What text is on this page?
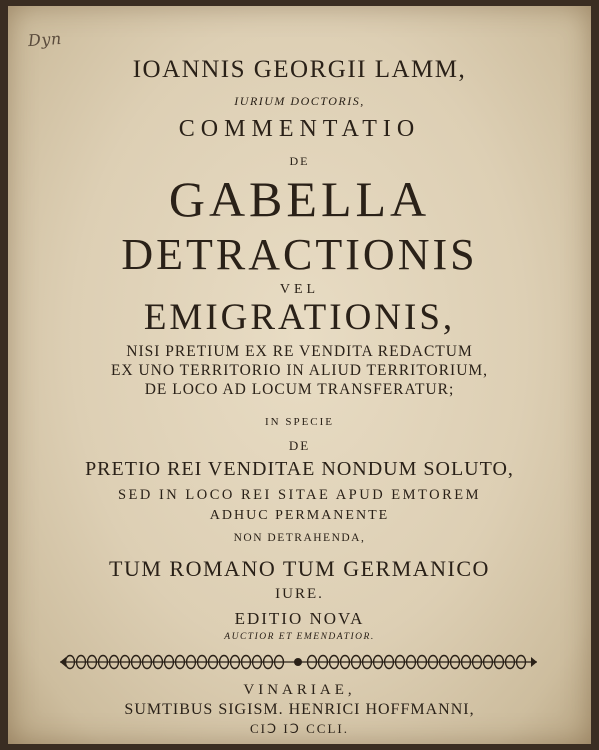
Dyn
IOANNIS GEORGII LAMM,
IURIUM DOCTORIS,
COMMENTATIO
DE
GABELLA
DETRACTIONIS
VEL
EMIGRATIONIS,
NISI PRETIUM EX RE VENDITA REDACTUM
EX UNO TERRITORIO IN ALIUD TERRITORIUM,
DE LOCO AD LOCUM TRANSFERATUR;
IN SPECIE
DE
PRETIO REI VENDITAE NONDUM SOLUTO,
SED IN LOCO REI SITAE APUD EMTOREM
ADHUC PERMANENTE
NON DETRAHENDA,
TUM ROMANO TUM GERMANICO
IURE.
EDITIO NOVA
AUCTIOR ET EMENDATIOR.
VINARIAE,
SUMTIBUS SIGISM. HENRICI HOFFMANNI,
CIↃ IↃ CCLI.
